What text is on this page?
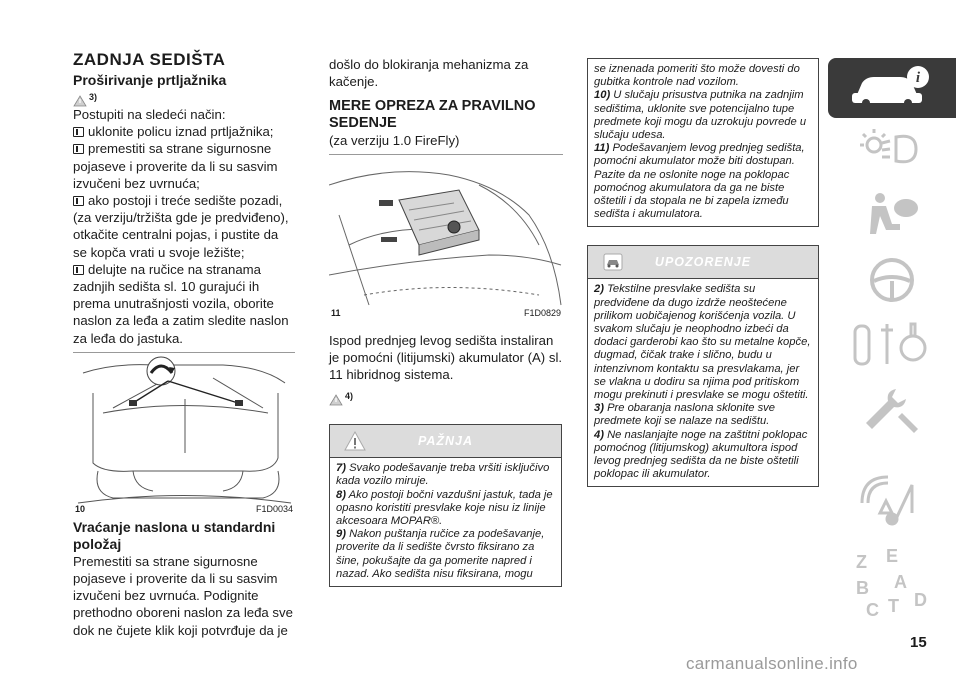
ZADNJA SEDIŠTA
Proširivanje prtljažnika
$^{3)}$

Postupiti na sledeći način:

uklonite policu iznad prtljažnika;

premestiti sa strane sigurnosne pojaseve i proverite da li su sasvim izvučeni bez uvrnuća;

ako postoji i treće sedište pozadi, (za verziju/tržišta gde je predviđeno), otkačite centralni pojas, i pustite da se kopča vrati u svoje ležište;

delujte na ručice na stranama zadnjih sedišta sl. 10 gurajući ih prema unutrašnjosti vozila, oborite naslon za leđa a zatim sledite naslon za leđa do jastuka.

10	F1D0034
Vraćanje naslona u standardni položaj

Premestiti sa strane sigurnosne pojaseve i proverite da li su sasvim izvučeni bez uvrnuća. Podignite prethodno oboreni naslon za leđa sve dok ne čujete klik koji potvrđuje da je

došlo do blokiranja mehanizma za kačenje.

MERE OPREZA ZA PRAVILNO SEDENJE

(za verziju 1.0 FireFly)

11	F1D0829

Ispod prednjeg levog sedišta instaliran je pomoćni (litijumski) akumulator (A) sl. 11 hibridnog sistema.

$^{4)}$
PAŽNJA

7) Svako podešavanje treba vršiti isključivo kada vozilo miruje.

8) Ako postoji bočni vazdušni jastuk, tada je opasno koristiti presvlake koje nisu iz linije akcesoara MOPAR®.

9) Nakon puštanja ručice za podešavanje, proverite da li sedište čvrsto fiksirano za šine, pokušajte da ga pomerite napred i nazad. Ako sedišta nisu fiksirana, mogu

se iznenada pomeriti što može dovesti do gubitka kontrole nad vozilom.

10) U slučaju prisustva putnika na zadnjim sedištima, uklonite sve potencijalno tupe predmete koji mogu da uzrokuju povrede u slučaju udesa.

11) Podešavanjem levog prednjeg sedišta, pomoćni akumulator može biti dostupan. Pazite da ne oslonite noge na poklopac pomoćnog akumulatora da ga ne biste oštetili i da stopala ne bi zapela između sedišta i akumulatora.

UPOZORENJE

2) Tekstilne presvlake sedišta su predviđene da dugo izdrže neoštećene prilikom uobičajenog korišćenja vozila. U svakom slučaju je neophodno izbeći da dodaci garderobi kao što su metalne kopče, dugmad, čičak trake i slično, budu u intenzivnom kontaktu sa presvlakama, jer se vlakna u dodiru sa njima pod pritiskom mogu prekinuti i presvlake se mogu oštetiti.

3) Pre obaranja naslona sklonite sve predmete koji se nalaze na sedištu.

4) Ne naslanjajte noge na zaštitni poklopac pomoćnog (litijumskog) akumultora ispod levog prednjeg sedišta da ne biste oštetili poklopac ili akumulator.

i
Z E
B A
C T D
15
carmanualsonline.info
